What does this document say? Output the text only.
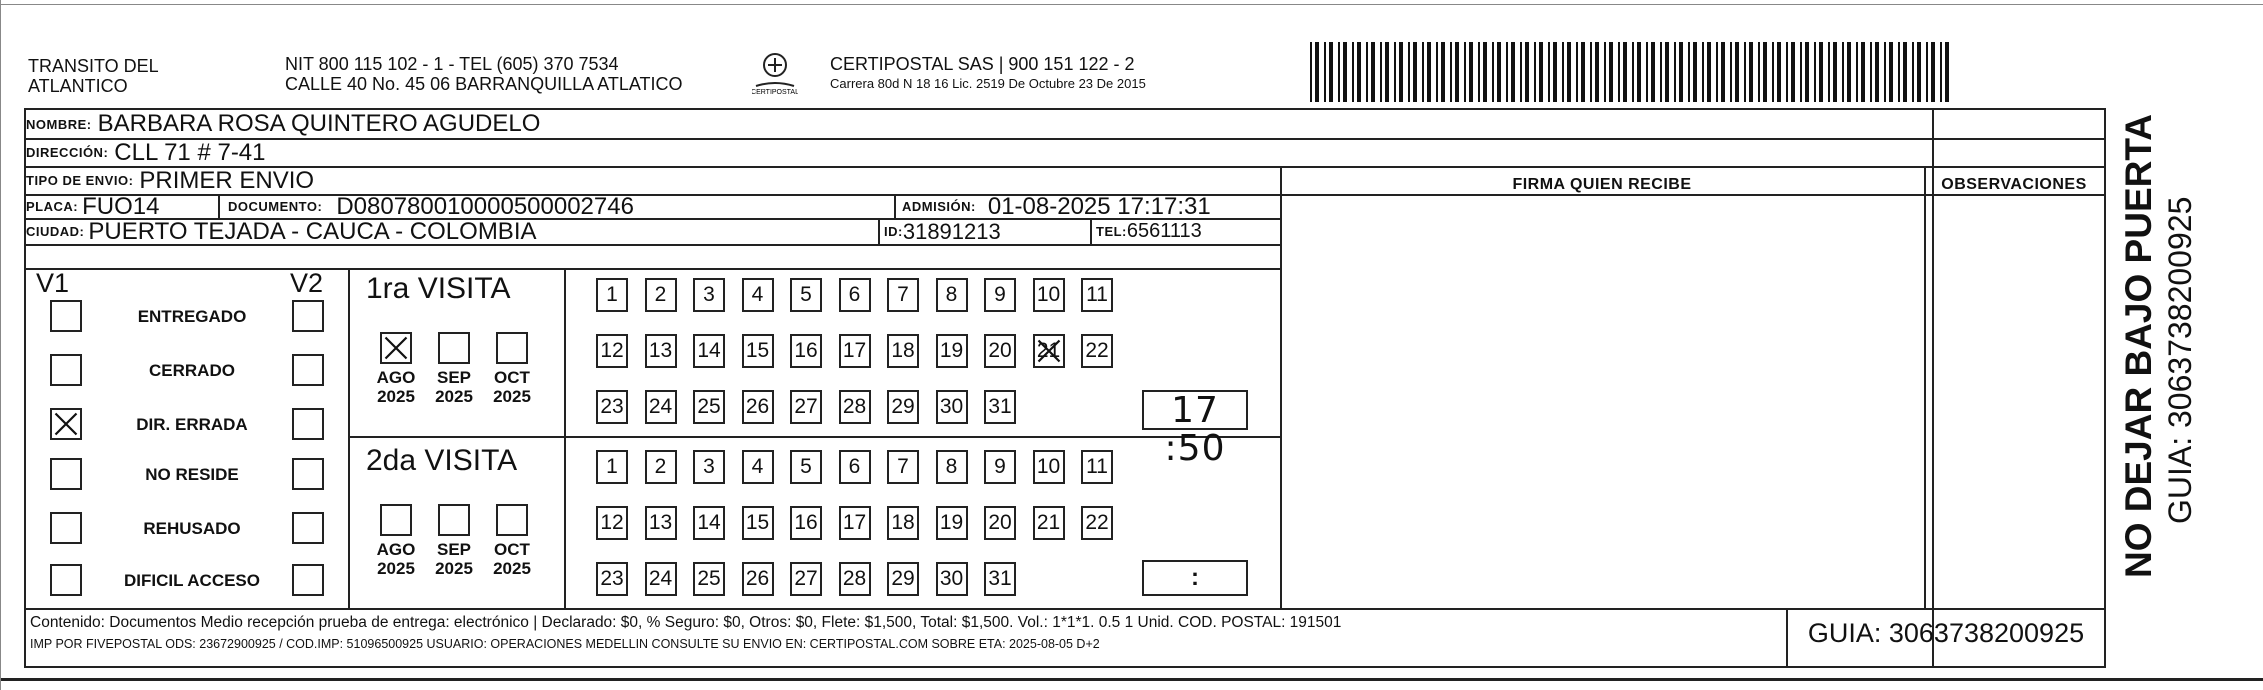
TRANSITO DEL
ATLANTICO
NIT 800 115 102 - 1 - TEL (605) 370 7534
CALLE 40 No. 45 06 BARRANQUILLA ATLATICO	CERTIPOSTAL
CERTIPOSTAL SAS | 900 151 122 - 2
Carrera 80d N 18 16 Lic. 2519 De Octubre 23 De 2015
NOMBRE: BARBARA ROSA QUINTERO AGUDELO
DIRECCIÓN: CLL 71 # 7-41
TIPO DE ENVIO: PRIMER ENVIO
PLACA: FUO14	DOCUMENTO: D080780010000500002746	ADMISIÓN: 01-08-2025 17:17:31
CIUDAD: PUERTO TEJADA - CAUCA - COLOMBIA	ID: 31891213	TEL: 6561113
FIRMA QUIEN RECIBE	OBSERVACIONES
V1	V2
ENTREGADO
CERRADO
DIR. ERRADA
NO RESIDE
REHUSADO
DIFICIL ACCESO
1ra VISITA
AGO
2025
SEP
2025
OCT
2025
1	2	3	4	5	6	7	8	9	10 11
12 13 14 15 16 17 18 19 20 21 22
23 24 25 26 27 28 29 30 31	17 :50
2da VISITA
AGO
2025
SEP
2025
OCT
2025
1	2	3	4	5	6	7	8	9	10 11
12 13 14 15 16 17 18 19 20 21 22
23 24 25 26 27 28 29 30 31	:
Contenido: Documentos Medio recepción prueba de entrega: electrónico | Declarado: $0, % Seguro: $0, Otros: $0, Flete: $1,500, Total: $1,500. Vol.: 1*1*1. 0.5 1 Unid. COD. POSTAL: 191501
IMP POR FIVEPOSTAL ODS: 23672900925 / COD.IMP: 51096500925 USUARIO: OPERACIONES MEDELLIN CONSULTE SU ENVIO EN: CERTIPOSTAL.COM SOBRE ETA: 2025-08-05 D+2	GUIA: 3063738200925
NO DEJAR BAJO PUERTA GUIA: 3063738200925
